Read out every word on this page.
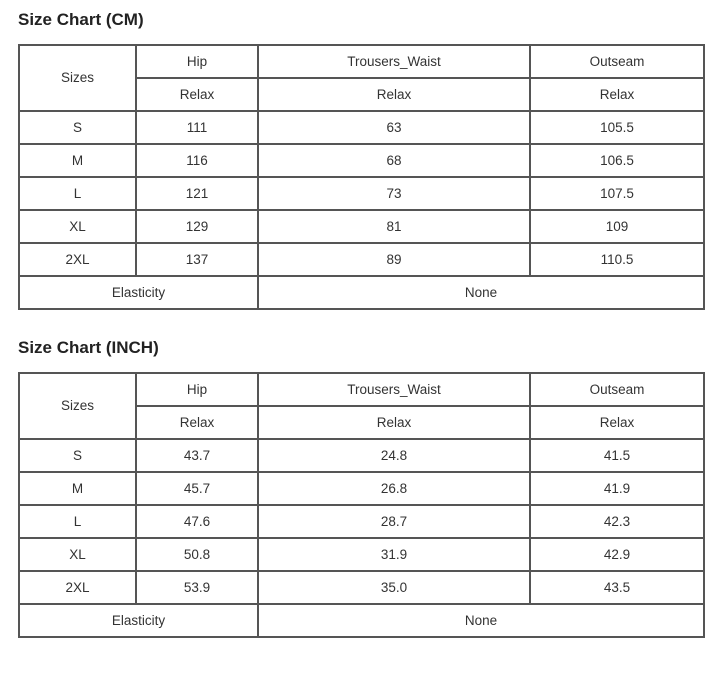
Size Chart (CM)
Sizes	Hip	Trousers_Waist	Outseam
	Relax	Relax	Relax
S	111	63	105.5
M	116	68	106.5
L	121	73	107.5
XL	129	81	109
2XL	137	89	110.5
Elasticity		None	
Size Chart (INCH)
Sizes	Hip	Trousers_Waist	Outseam
	Relax	Relax	Relax
S	43.7	24.8	41.5
M	45.7	26.8	41.9
L	47.6	28.7	42.3
XL	50.8	31.9	42.9
2XL	53.9	35.0	43.5
Elasticity		None	
